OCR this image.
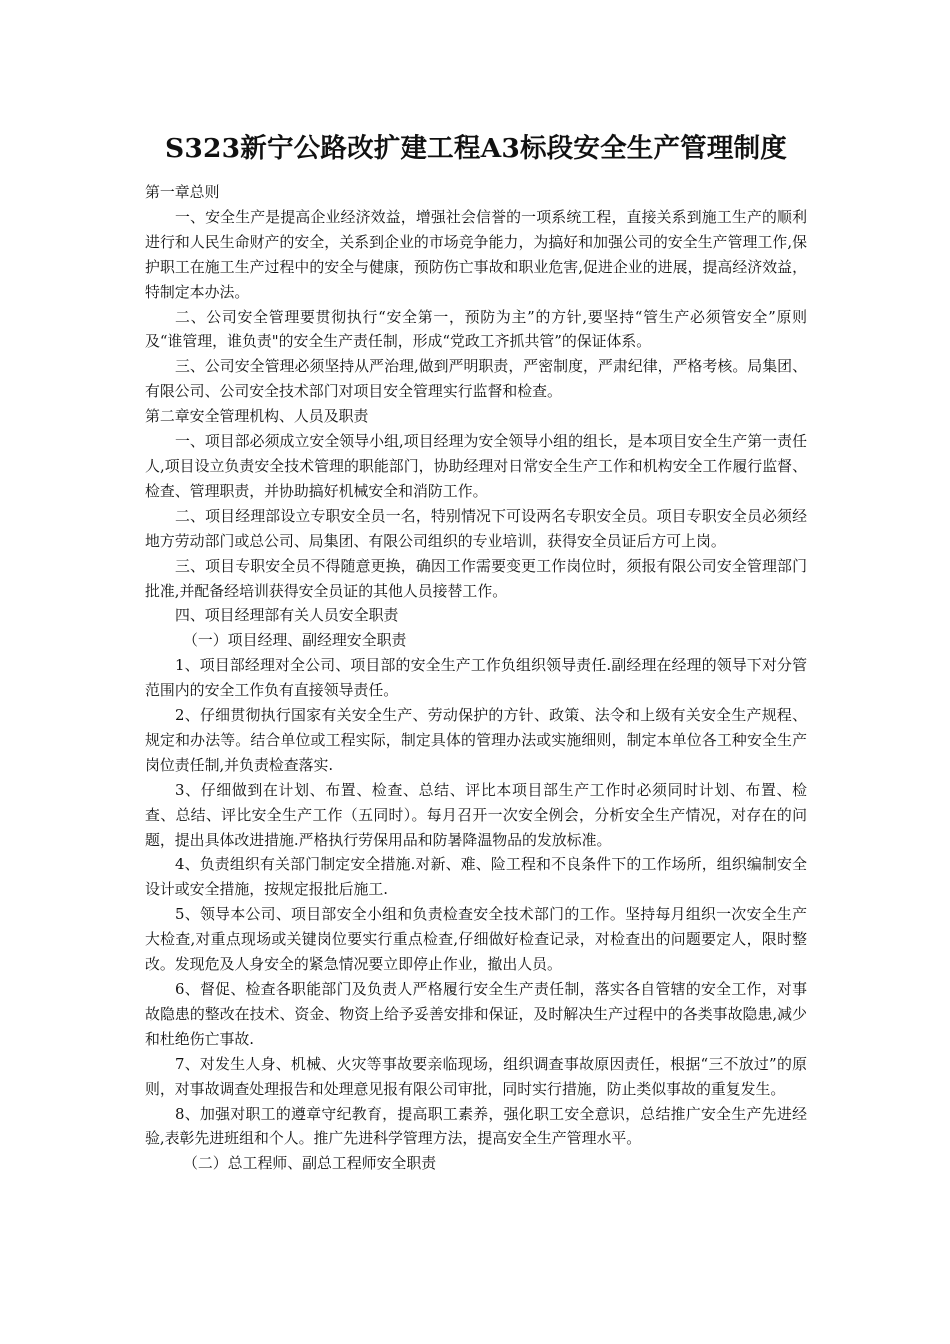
S323新宁公路改扩建工程A3标段安全生产管理制度

第一章总则

一、安全生产是提高企业经济效益，增强社会信誉的一项系统工程，直接关系到施工生产的顺利进行和人民生命财产的安全，关系到企业的市场竞争能力，为搞好和加强公司的安全生产管理工作,保护职工在施工生产过程中的安全与健康，预防伤亡事故和职业危害,促进企业的进展，提高经济效益，特制定本办法。

二、公司安全管理要贯彻执行“安全第一，预防为主”的方针,要坚持“管生产必须管安全”原则及“谁管理，谁负责"的安全生产责任制，形成“党政工齐抓共管”的保证体系。

三、公司安全管理必须坚持从严治理,做到严明职责，严密制度，严肃纪律，严格考核。局集团、有限公司、公司安全技术部门对项目安全管理实行监督和检查。

第二章安全管理机构、人员及职责

一、项目部必须成立安全领导小组,项目经理为安全领导小组的组长，是本项目安全生产第一责任人,项目设立负责安全技术管理的职能部门，协助经理对日常安全生产工作和机构安全工作履行监督、检查、管理职责，并协助搞好机械安全和消防工作。

二、项目经理部设立专职安全员一名，特别情况下可设两名专职安全员。项目专职安全员必须经地方劳动部门或总公司、局集团、有限公司组织的专业培训，获得安全员证后方可上岗。

三、项目专职安全员不得随意更换，确因工作需要变更工作岗位时，须报有限公司安全管理部门批准,并配备经培训获得安全员证的其他人员接替工作。

四、项目经理部有关人员安全职责

（一）项目经理、副经理安全职责

1、项目部经理对全公司、项目部的安全生产工作负组织领导责任.副经理在经理的领导下对分管范围内的安全工作负有直接领导责任。

2、仔细贯彻执行国家有关安全生产、劳动保护的方针、政策、法令和上级有关安全生产规程、规定和办法等。结合单位或工程实际，制定具体的管理办法或实施细则，制定本单位各工种安全生产岗位责任制,并负责检查落实.

3、仔细做到在计划、布置、检查、总结、评比本项目部生产工作时必须同时计划、布置、检查、总结、评比安全生产工作（五同时）。每月召开一次安全例会，分析安全生产情况，对存在的问题，提出具体改进措施.严格执行劳保用品和防暑降温物品的发放标准。

4、负责组织有关部门制定安全措施.对新、难、险工程和不良条件下的工作场所，组织编制安全设计或安全措施，按规定报批后施工.

5、领导本公司、项目部安全小组和负责检查安全技术部门的工作。坚持每月组织一次安全生产大检查,对重点现场或关键岗位要实行重点检查,仔细做好检查记录，对检查出的问题要定人，限时整改。发现危及人身安全的紧急情况要立即停止作业，撤出人员。

6、督促、检查各职能部门及负责人严格履行安全生产责任制，落实各自管辖的安全工作，对事故隐患的整改在技术、资金、物资上给予妥善安排和保证，及时解决生产过程中的各类事故隐患,减少和杜绝伤亡事故.

7、对发生人身、机械、火灾等事故要亲临现场，组织调查事故原因责任，根据“三不放过”的原则，对事故调查处理报告和处理意见报有限公司审批，同时实行措施，防止类似事故的重复发生。

8、加强对职工的遵章守纪教育，提高职工素养，强化职工安全意识，总结推广安全生产先进经验,表彰先进班组和个人。推广先进科学管理方法，提高安全生产管理水平。

（二）总工程师、副总工程师安全职责
